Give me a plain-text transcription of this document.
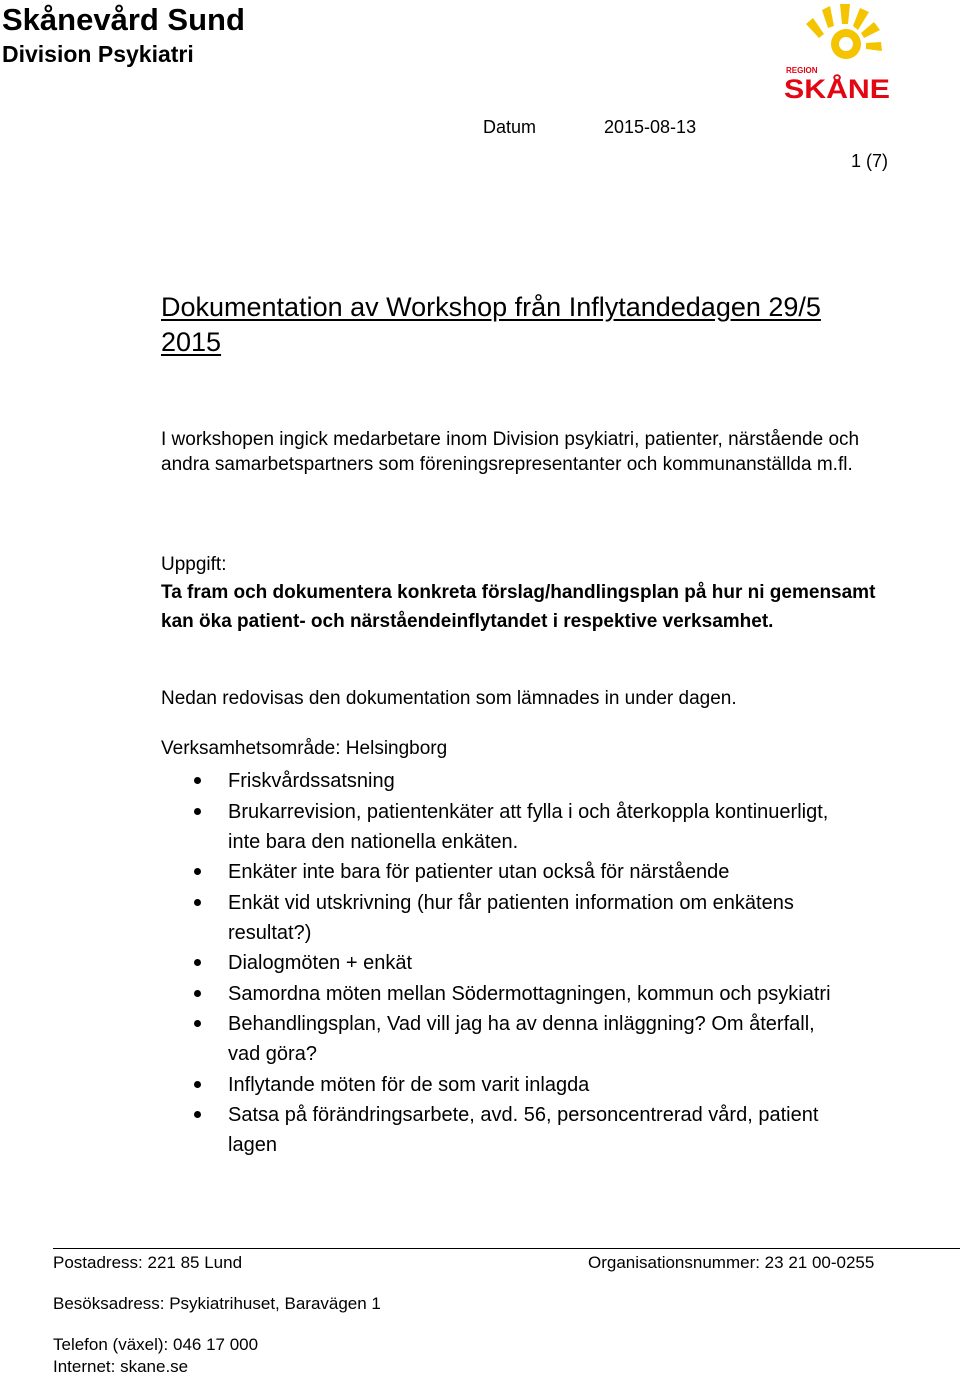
Skånevård Sund
Division Psykiatri
REGION
SKÅNE
Datum	2015-08-13
1 (7)
Dokumentation av Workshop från Inflytandedagen 29/5 2015
I workshopen ingick medarbetare inom Division psykiatri, patienter, närstående och andra samarbetspartners som föreningsrepresentanter och kommunanställda m.fl.
Uppgift:
Ta fram och dokumentera konkreta förslag/handlingsplan på hur ni gemensamt kan öka patient- och närståendeinflytandet i respektive verksamhet.
Nedan redovisas den dokumentation som lämnades in under dagen.
Verksamhetsområde: Helsingborg
Friskvårdssatsning
Brukarrevision, patientenkäter att fylla i och återkoppla kontinuerligt, inte bara den nationella enkäten.
Enkäter inte bara för patienter utan också för närstående
Enkät vid utskrivning (hur får patienten information om enkätens resultat?)
Dialogmöten + enkät
Samordna möten mellan Södermottagningen, kommun och psykiatri
Behandlingsplan, Vad vill jag ha av denna inläggning? Om återfall, vad göra?
Inflytande möten för de som varit inlagda
Satsa på förändringsarbete, avd. 56, personcentrerad vård, patient lagen
Postadress: 221 85 Lund	Organisationsnummer: 23 21 00-0255
Besöksadress: Psykiatrihuset, Baravägen 1
Telefon (växel): 046 17 000
Internet: skane.se
